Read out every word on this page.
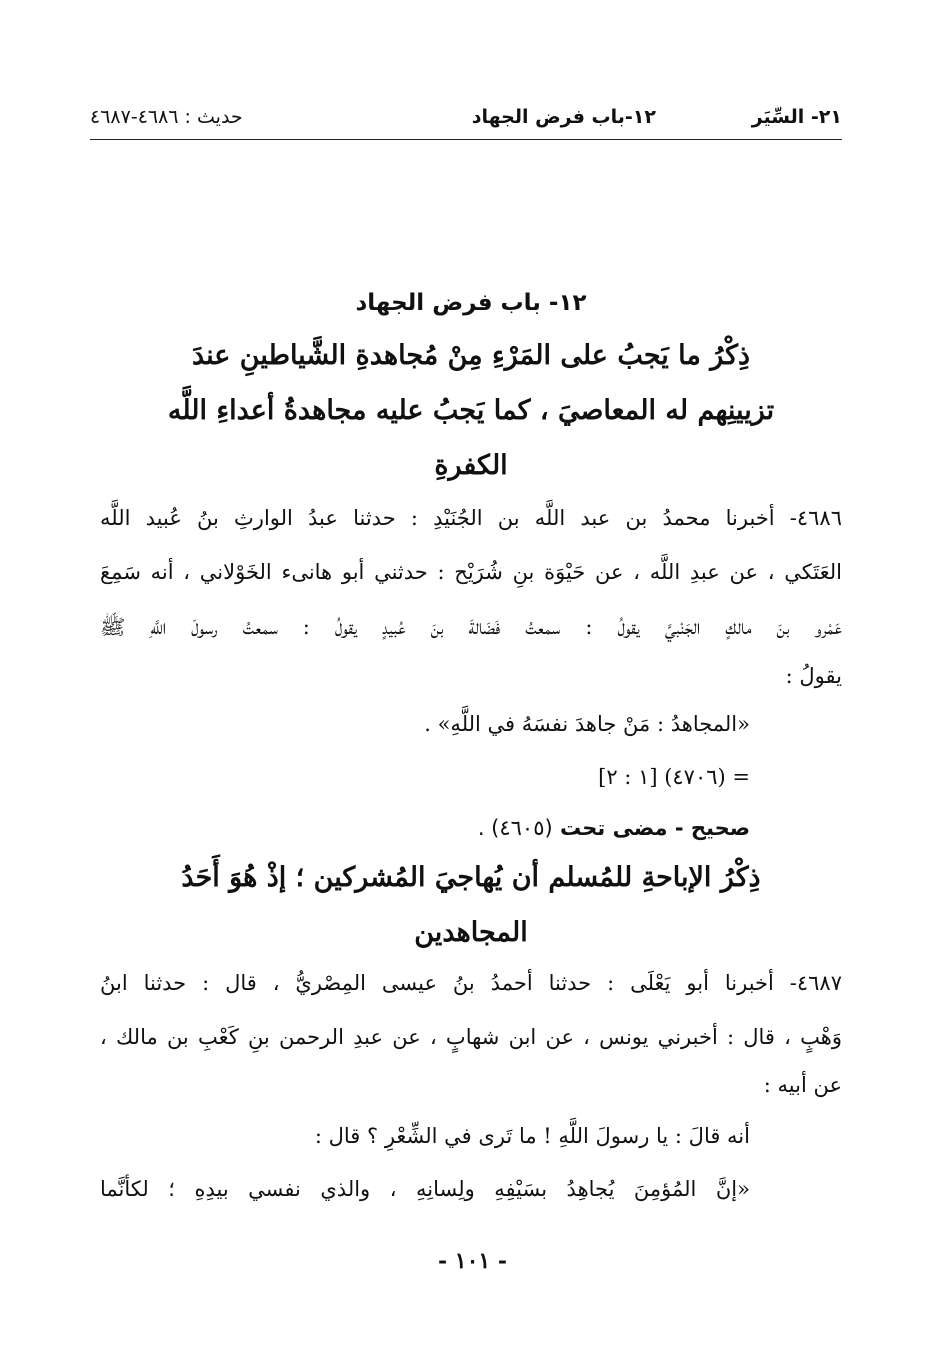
٢١- السِّيَر
١٢-باب فرض الجهاد
حديث : ٤٦٨٦-٤٦٨٧
١٢- باب فرض الجهاد
ذِكْرُ ما يَجبُ على المَرْءِ مِنْ مُجاهدةِ الشَّياطينِ عندَ
تزيينِهم له المعاصيَ ، كما يَجبُ عليه مجاهدةُ أعداءِ اللَّه
الكفرةِ
٤٦٨٦- أخبرنا محمدُ بن عبد اللَّه بن الجُنَيْدِ : حدثنا عبدُ الوارثِ بنُ عُبيد اللَّه
العَتَكي ، عن عبدِ اللَّه ، عن حَيْوَة بنِ شُرَيْح : حدثني أبو هانىء الخَوْلاني ، أنه سَمِعَ
عَمْرو بنَ مالكٍ الجَنْبيَّ يقولُ : سمعتُ فَضَالةَ بنَ عُبيدٍ يقولُ : سمعتُ رسولَ اللَّهِ ﷺ
يقولُ :
«المجاهدُ : مَنْ جاهدَ نفسَهُ في اللَّهِ» .
= (٤٧٠٦) [١ : ٢]
صحيح - مضى تحت (٤٦٠٥) .
ذِكْرُ الإباحةِ للمُسلم أن يُهاجيَ المُشركين ؛ إذْ هُوَ أَحَدُ
المجاهدين
٤٦٨٧- أخبرنا أبو يَعْلَى : حدثنا أحمدُ بنُ عيسى المِصْريُّ ، قال : حدثنا ابنُ
وَهْبٍ ، قال : أخبرني يونس ، عن ابن شهابٍ ، عن عبدِ الرحمن بنِ كَعْبِ بن مالك ،
عن أبيه :
أنه قالَ : يا رسولَ اللَّهِ ! ما تَرى في الشِّعْرِ ؟ قال :
«إنَّ المُؤمِنَ يُجاهِدُ بسَيْفِهِ ولِسانِهِ ، والذي نفسي بيدِهِ ؛ لكأنَّما
- ١٠١ -
